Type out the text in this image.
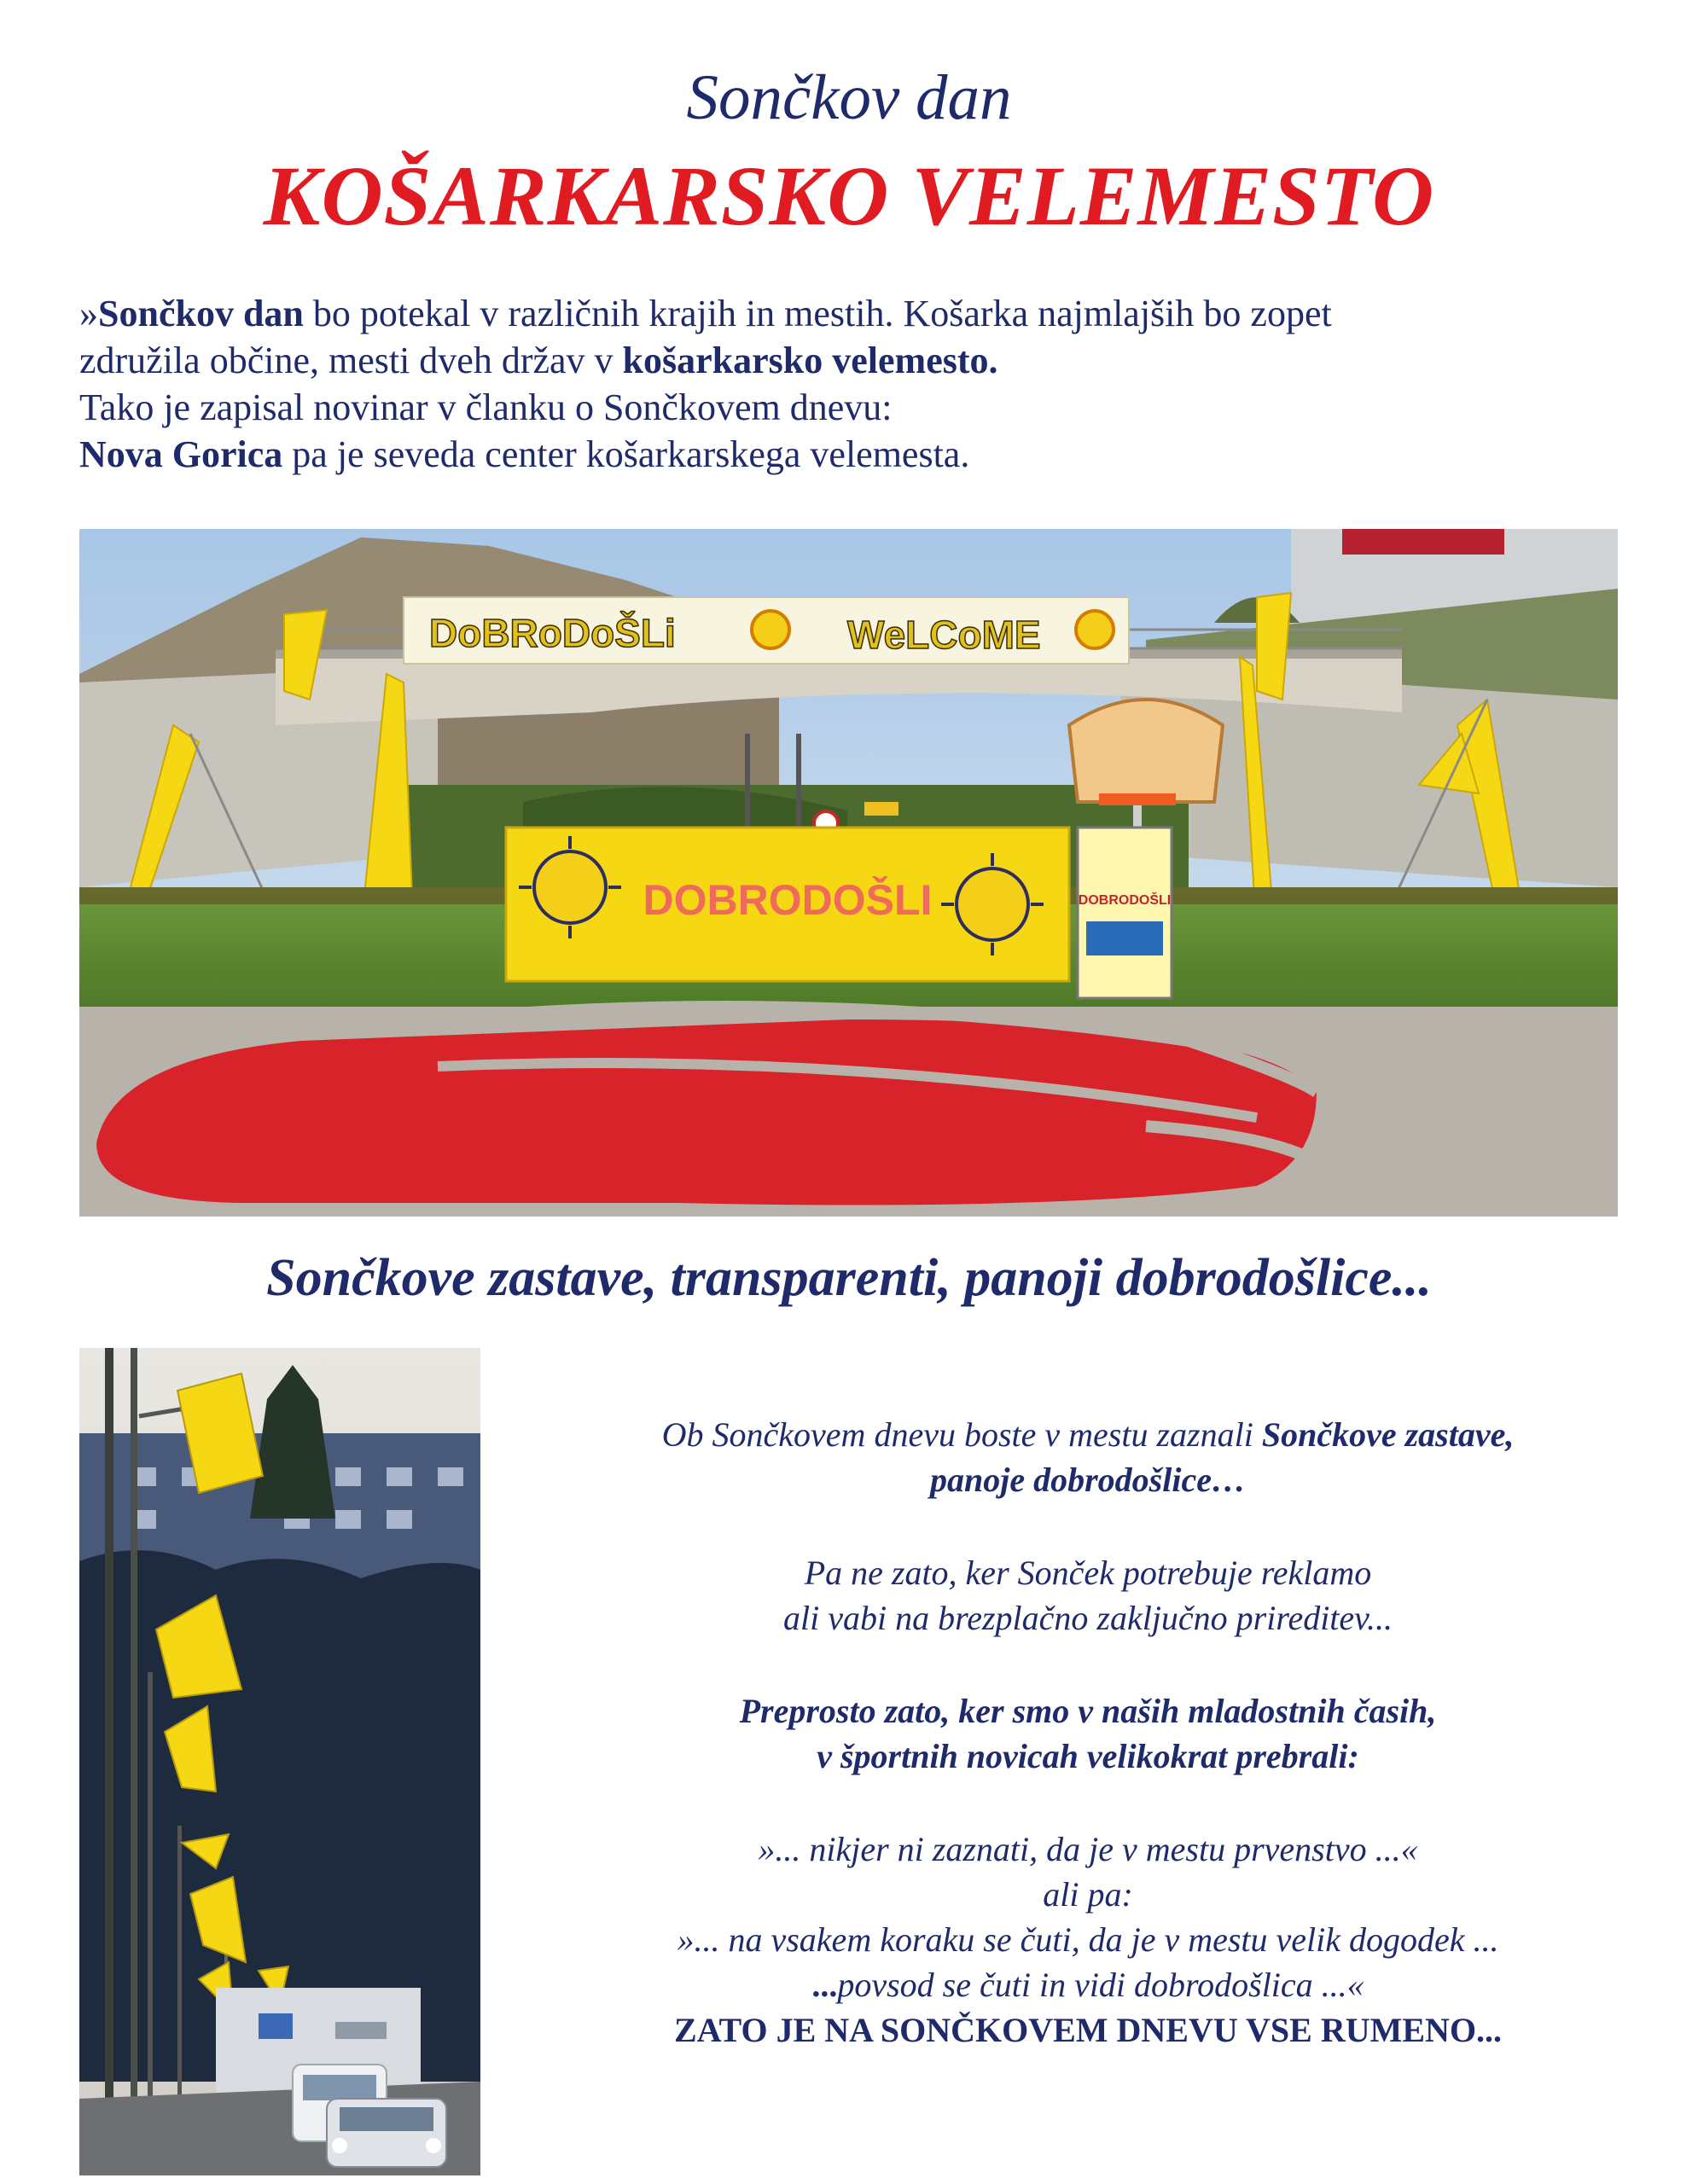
Sončkov dan
KOŠARKARSKO VELEMESTO
»Sončkov dan bo potekal v različnih krajih in mestih. Košarka najmlajših bo zopet
združila občine, mesti dveh držav v košarkarsko velemesto.
Tako je zapisal novinar v članku o Sončkovem dnevu:
Nova Gorica pa je seveda center košarkarskega velemesta.
DoBRoDoŠLi	WeLCoME
DOBRODOŠLI	DOBRODOŠLI
Sončkove zastave, transparenti, panoji dobrodošlice...
Ob Sončkovem dnevu boste v mestu zaznali Sončkove zastave,
panoje dobrodošlice…
Pa ne zato, ker Sonček potrebuje reklamo
ali vabi na brezplačno zaključno prireditev...
Preprosto zato, ker smo v naših mladostnih časih,
v športnih novicah velikokrat prebrali:
»... nikjer ni zaznati, da je v mestu prvenstvo ...«
ali pa:
»... na vsakem koraku se čuti, da je v mestu velik dogodek ...
...povsod se čuti in vidi dobrodošlica ...«
ZATO JE NA SONČKOVEM DNEVU VSE RUMENO...
